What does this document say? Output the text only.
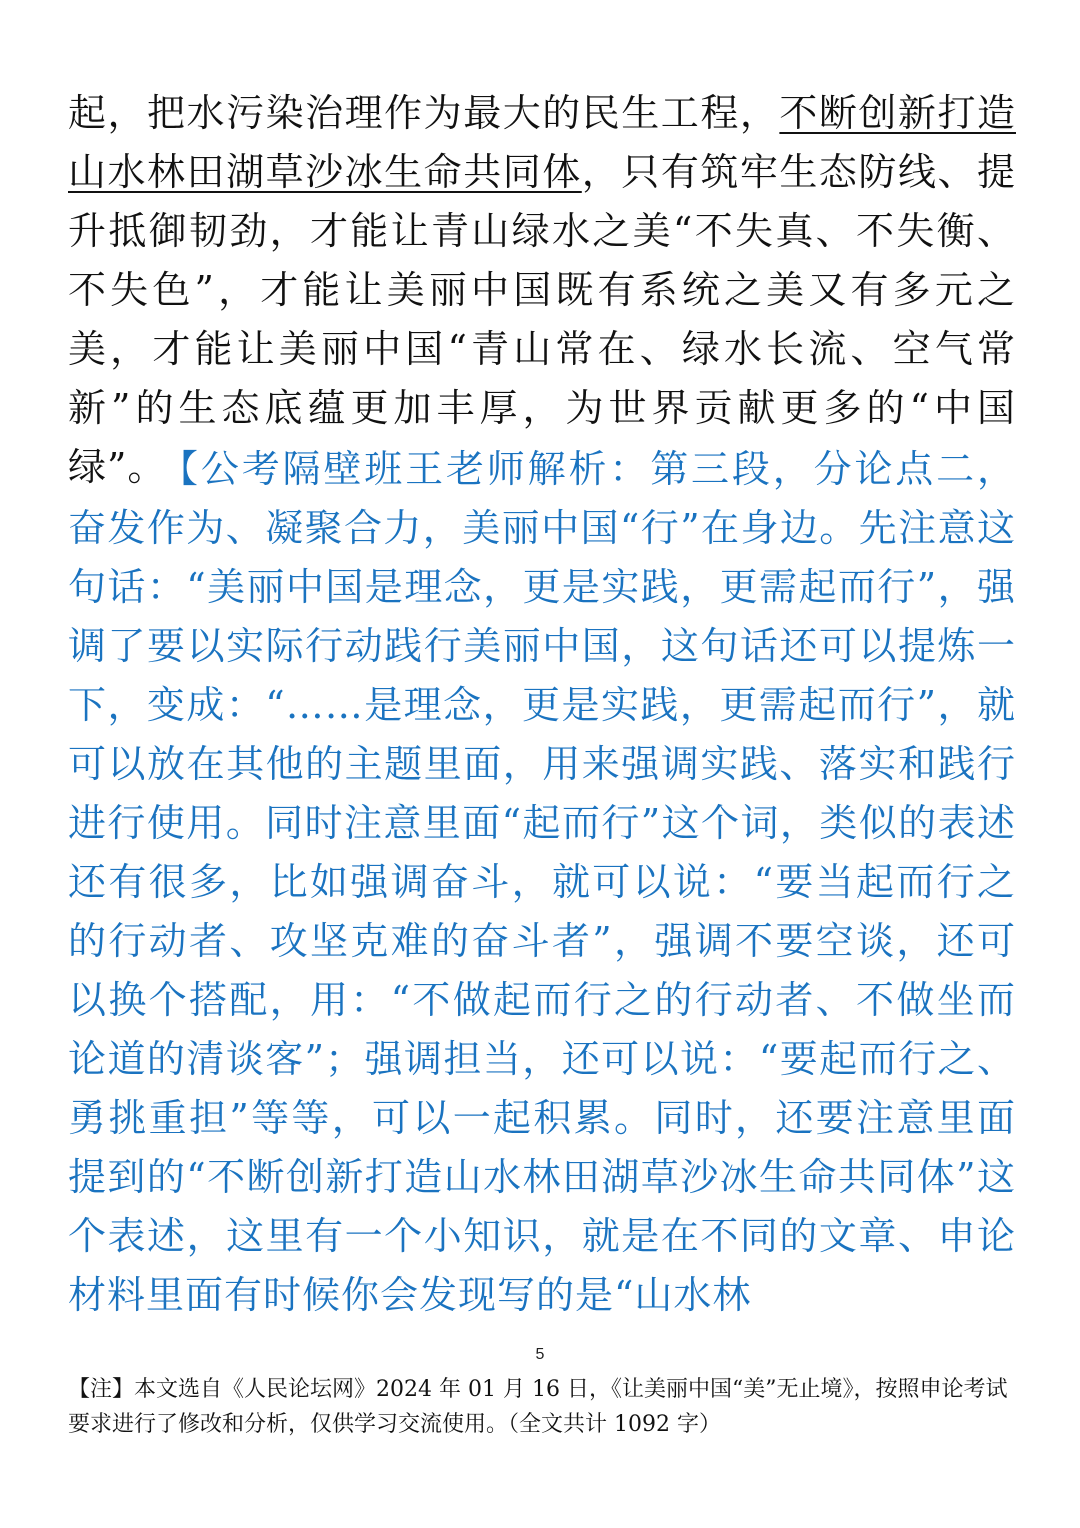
起，把水污染治理作为最大的民生工程，不断创新打造山水林田湖草沙冰生命共同体，只有筑牢生态防线、提升抵御韧劲，才能让青山绿水之美“不失真、不失衡、不失色”，才能让美丽中国既有系统之美又有多元之美，才能让美丽中国“青山常在、绿水长流、空气常新”的生态底蕴更加丰厚，为世界贡献更多的“中国绿”。

【公考隔壁班王老师解析：第三段，分论点二，奋发作为、凝聚合力，美丽中国“行”在身边。先注意这句话：“美丽中国是理念，更是实践，更需起而行”，强调了要以实际行动践行美丽中国，这句话还可以提炼一下，变成：“……是理念，更是实践，更需起而行”，就可以放在其他的主题里面，用来强调实践、落实和践行进行使用。同时注意里面“起而行”这个词，类似的表述还有很多，比如强调奋斗，就可以说：“要当起而行之的行动者、攻坚克难的奋斗者”，强调不要空谈，还可以换个搭配，用：“不做起而行之的行动者、不做坐而论道的清谈客”；强调担当，还可以说：“要起而行之、勇挑重担”等等，可以一起积累。同时，还要注意里面提到的“不断创新打造山水林田湖草沙冰生命共同体”这个表述，这里有一个小知识，就是在不同的文章、申论材料里面有时候你会发现写的是“山水林

5
【注】本文选自《人民论坛网》2024 年 01 月 16 日，《让美丽中国“美”无止境》，按照申论考试要求进行了修改和分析，仅供学习交流使用。（全文共计 1092 字）
